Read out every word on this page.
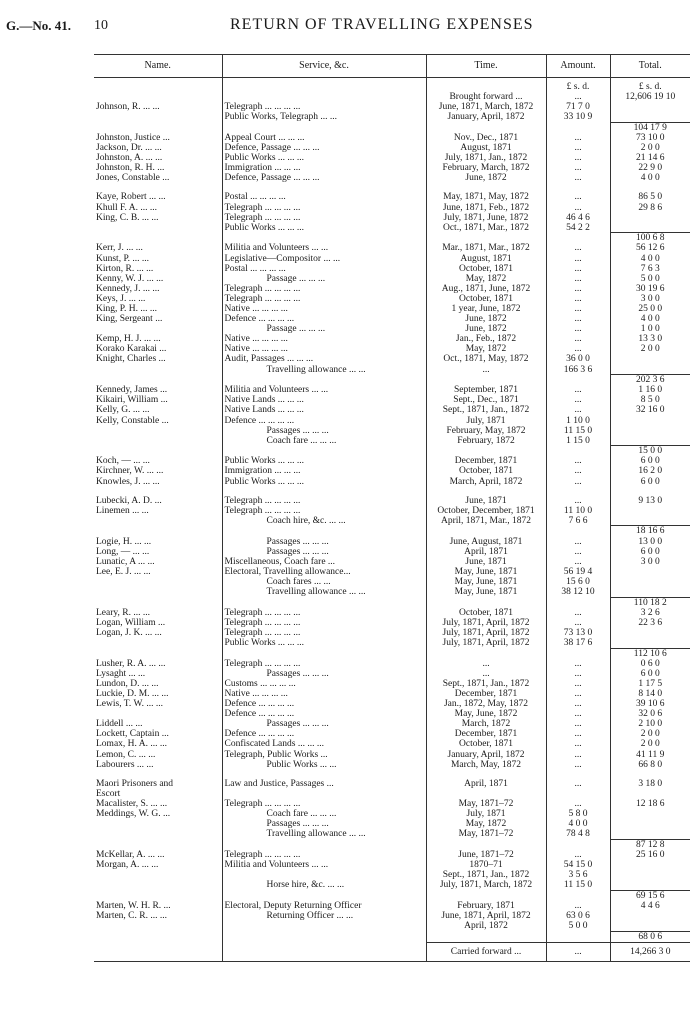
G.—No. 41. 10	RETURN OF TRAVELLING EXPENSES
Name.	Service, &c.	Time.	Amount.	Total.
			£ s. d.	£ s. d.
		Brought forward ...	...	12,606 19 10
Johnson, R. ... ...	Telegraph ... ... ... ...	June, 1871, March, 1872	71 7 0	
	Public Works, Telegraph ... ...	January, April, 1872	33 10 9	
				104 17 9
Johnston, Justice ...	Appeal Court ... ... ...	Nov., Dec., 1871	...	73 10 0
Jackson, Dr. ... ...	Defence, Passage ... ... ...	August, 1871	...	2 0 0
Johnston, A. ... ...	Public Works ... ... ...	July, 1871, Jan., 1872	...	21 14 6
Johnston, R. H. ...	Immigration ... ... ...	February, March, 1872	...	22 9 0
Jones, Constable ...	Defence, Passage ... ... ...	June, 1872	...	4 0 0

Kaye, Robert ... ...	Postal ... ... ... ...	May, 1871, May, 1872	...	86 5 0
Khull F. A. ... ...	Telegraph ... ... ... ...	June, 1871, Feb., 1872	...	29 8 6
King, C. B. ... ...	Telegraph ... ... ... ...	July, 1871, June, 1872	46 4 6	
	Public Works ... ... ...	Oct., 1871, Mar., 1872	54 2 2	
				100 6 8
Kerr, J. ... ...	Militia and Volunteers ... ...	Mar., 1871, Mar., 1872	...	56 12 6
Kunst, P. ... ...	Legislative—Compositor ... ...	August, 1871	...	4 0 0
Kirton, R. ... ...	Postal ... ... ... ...	October, 1871	...	7 6 3
Kenny, W. J. ... ...	Passage ... ... ...	May, 1872	...	5 0 0
Kennedy, J. ... ...	Telegraph ... ... ... ...	Aug., 1871, June, 1872	...	30 19 6
Keys, J. ... ...	Telegraph ... ... ... ...	October, 1871	...	3 0 0
King, P. H. ... ...	Native ... ... ... ...	1 year, June, 1872	...	25 0 0
King, Sergeant ...	Defence ... ... ... ...	June, 1872	...	4 0 0
	Passage ... ... ...	June, 1872	...	1 0 0
Kemp, H. J. ... ...	Native ... ... ... ...	Jan., Feb., 1872	...	13 3 0
Korako Karakai ...	Native ... ... ... ...	May, 1872	...	2 0 0
Knight, Charles ...	Audit, Passages ... ... ...	Oct., 1871, May, 1872	36 0 0	
	Travelling allowance ... ...	...	166 3 6	
				202 3 6
Kennedy, James ...	Militia and Volunteers ... ...	September, 1871	...	1 16 0
Kikairi, William ...	Native Lands ... ... ...	Sept., Dec., 1871	...	8 5 0
Kelly, G. ... ...	Native Lands ... ... ...	Sept., 1871, Jan., 1872	...	32 16 0
Kelly, Constable ...	Defence ... ... ... ...	July, 1871	1 10 0	
	Passages ... ... ...	February, May, 1872	11 15 0	
	Coach fare ... ... ...	February, 1872	1 15 0	
				15 0 0
Koch, — ... ...	Public Works ... ... ...	December, 1871	...	6 0 0
Kirchner, W. ... ...	Immigration ... ... ...	October, 1871	...	16 2 0
Knowles, J. ... ...	Public Works ... ... ...	March, April, 1872	...	6 0 0

Lubecki, A. D. ...	Telegraph ... ... ... ...	June, 1871	...	9 13 0
Linemen ... ...	Telegraph ... ... ... ...	October, December, 1871	11 10 0	
	Coach hire, &c. ... ...	April, 1871, Mar., 1872	7 6 6	
				18 16 6
Logie, H. ... ...	Passages ... ... ...	June, August, 1871	...	13 0 0
Long, — ... ...	Passages ... ... ...	April, 1871	...	6 0 0
Lunatic, A ... ...	Miscellaneous, Coach fare ...	June, 1871	...	3 0 0
Lee, E. J. ... ...	Electoral, Travelling allowance...	May, June, 1871	56 19 4	
	Coach fares ... ...	May, June, 1871	15 6 0	
	Travelling allowance ... ...	May, June, 1871	38 12 10	
				110 18 2
Leary, R. ... ...	Telegraph ... ... ... ...	October, 1871	...	3 2 6
Logan, William ...	Telegraph ... ... ... ...	July, 1871, April, 1872	...	22 3 6
Logan, J. K. ... ...	Telegraph ... ... ... ...	July, 1871, April, 1872	73 13 0	
	Public Works ... ... ...	July, 1871, April, 1872	38 17 6	
				112 10 6
Lusher, R. A. ... ...	Telegraph ... ... ... ...	...	...	0 6 0
Lysaght ... ...	Passages ... ... ...	...	...	6 0 0
Lundon, D. ... ...	Customs ... ... ... ...	Sept., 1871, Jan., 1872	...	1 17 5
Luckie, D. M. ... ...	Native ... ... ... ...	December, 1871	...	8 14 0
Lewis, T. W. ... ...	Defence ... ... ... ...	Jan., 1872, May, 1872	...	39 10 6
	Defence ... ... ... ...	May, June, 1872	...	32 0 6
Liddell ... ...	Passages ... ... ...	March, 1872	...	2 10 0
Lockett, Captain ...	Defence ... ... ... ...	December, 1871	...	2 0 0
Lomax, H. A. ... ...	Confiscated Lands ... ... ...	October, 1871	...	2 0 0
Lemon, C. ... ...	Telegraph, Public Works ...	January, April, 1872	...	41 11 9
Labourers ... ...	Public Works ... ...	March, May, 1872	...	66 8 0

Maori Prisoners and	Law and Justice, Passages ...	April, 1871	...	3 18 0
Escort				
Macalister, S. ... ...	Telegraph ... ... ... ...	May, 1871–72	...	12 18 6
Meddings, W. G. ...	Coach fare ... ... ...	July, 1871	5 8 0	
	Passages ... ... ...	May, 1872	4 0 0	
	Travelling allowance ... ...	May, 1871–72	78 4 8	
				87 12 8
McKellar, A. ... ...	Telegraph ... ... ... ...	June, 1871–72	...	25 16 0
Morgan, A. ... ...	Militia and Volunteers ... ...	1870–71	54 15 0	
		Sept., 1871, Jan., 1872	3 5 6	
	Horse hire, &c. ... ...	July, 1871, March, 1872	11 15 0	
				69 15 6
Marten, W. H. R. ...	Electoral, Deputy Returning Officer	February, 1871	...	4 4 6
Marten, C. R. ... ...	Returning Officer ... ...	June, 1871, April, 1872	63 0 6	
		April, 1872	5 0 0	
				68 0 6
		Carried forward ...	...	14,266 3 0
